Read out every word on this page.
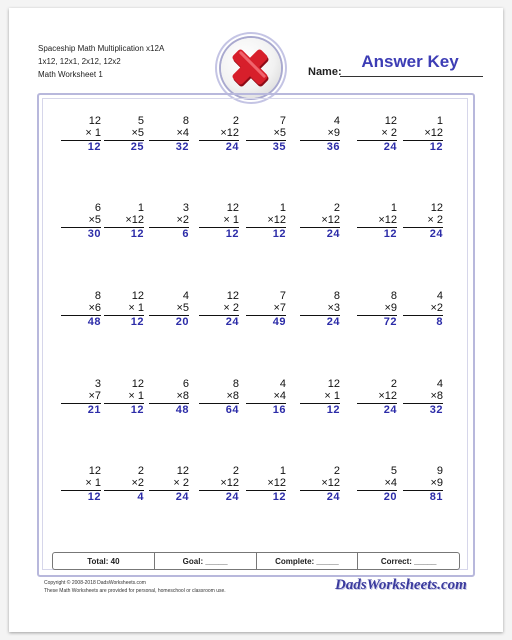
Spaceship Math Multiplication x12A
1x12, 12x1, 2x12, 12x2
Math Worksheet 1	Name:
Answer Key
12
× 1
12
5
×5
25
8
×4
32
2
×12
24
7
×5
35
4
×9
36
12
× 2
24
1
×12
12
6
×5
30
1
×12
12
3
×2
6
12
× 1
12
1
×12
12
2
×12
24
1
×12
12
12
× 2
24
8
×6
48
12
× 1
12
4
×5
20
12
× 2
24
7
×7
49
8
×3
24
8
×9
72
4
×2
8
3
×7
21
12
× 1
12
6
×8
48
8
×8
64
4
×4
16
12
× 1
12
2
×12
24
4
×8
32
12
× 1
12
2
×2
4
12
× 2
24
2
×12
24
1
×12
12
2
×12
24
5
×4
20
9
×9
81
Total: 40	Goal: _____	Complete: _____	Correct: _____
Copyright © 2008-2018 DadsWorksheets.com
These Math Worksheets are provided for personal, homeschool or classroom use.	DadsWorksheets.com
